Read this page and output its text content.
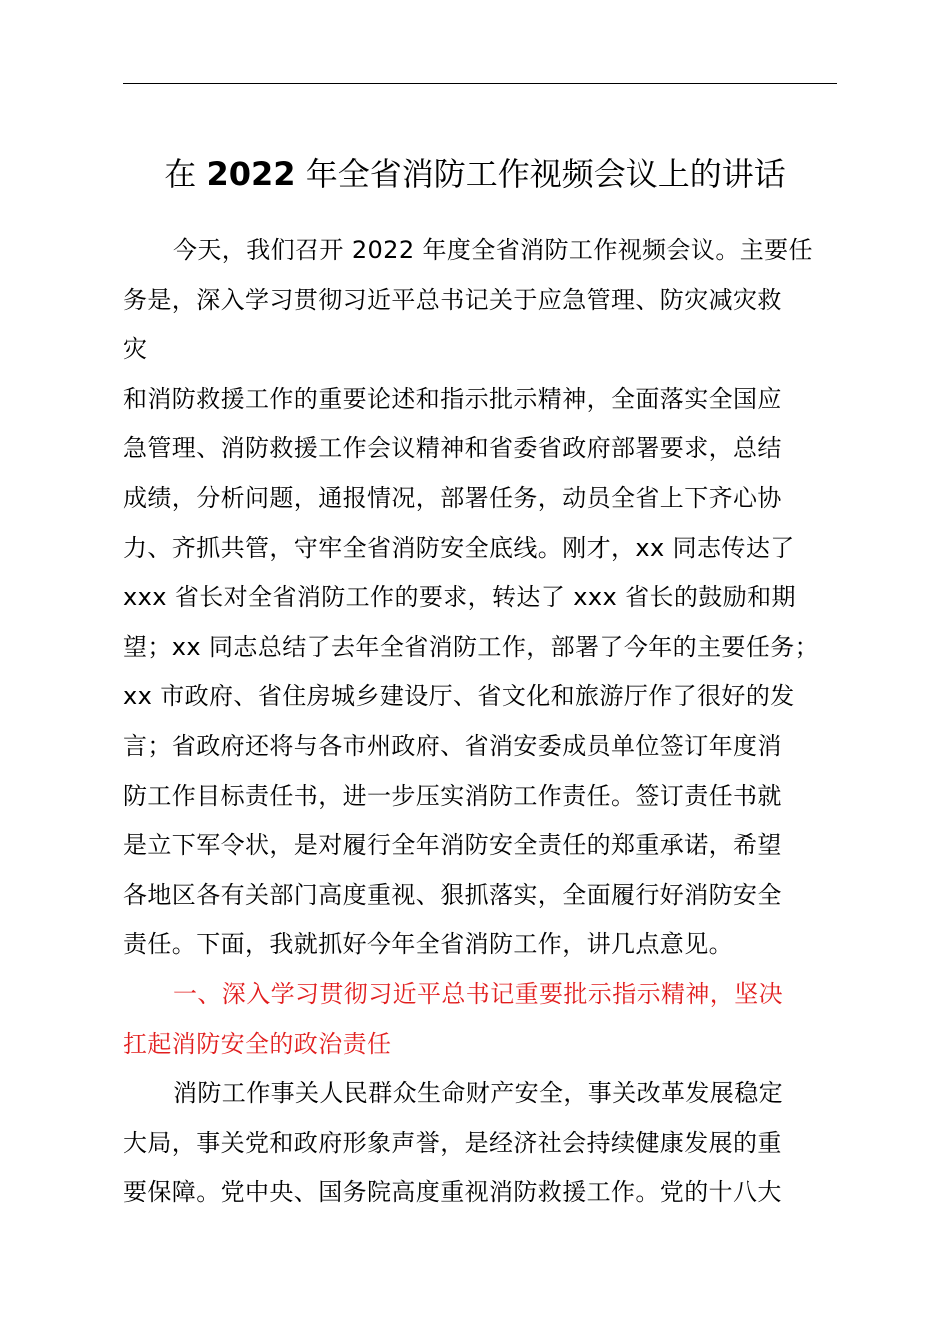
在 2022 年全省消防工作视频会议上的讲话
今天，我们召开 2022 年度全省消防工作视频会议。主要任
务是，深入学习贯彻习近平总书记关于应急管理、防灾减灾救
灾
和消防救援工作的重要论述和指示批示精神，全面落实全国应
急管理、消防救援工作会议精神和省委省政府部署要求，总结
成绩，分析问题，通报情况，部署任务，动员全省上下齐心协
力、齐抓共管，守牢全省消防安全底线。刚才，xx 同志传达了
xxx 省长对全省消防工作的要求，转达了 xxx 省长的鼓励和期
望；xx 同志总结了去年全省消防工作，部署了今年的主要任务；
xx 市政府、省住房城乡建设厅、省文化和旅游厅作了很好的发
言；省政府还将与各市州政府、省消安委成员单位签订年度消
防工作目标责任书，进一步压实消防工作责任。签订责任书就
是立下军令状，是对履行全年消防安全责任的郑重承诺，希望
各地区各有关部门高度重视、狠抓落实，全面履行好消防安全
责任。下面，我就抓好今年全省消防工作，讲几点意见。
一、深入学习贯彻习近平总书记重要批示指示精神，坚决
扛起消防安全的政治责任
消防工作事关人民群众生命财产安全，事关改革发展稳定
大局，事关党和政府形象声誉，是经济社会持续健康发展的重
要保障。党中央、国务院高度重视消防救援工作。党的十八大
